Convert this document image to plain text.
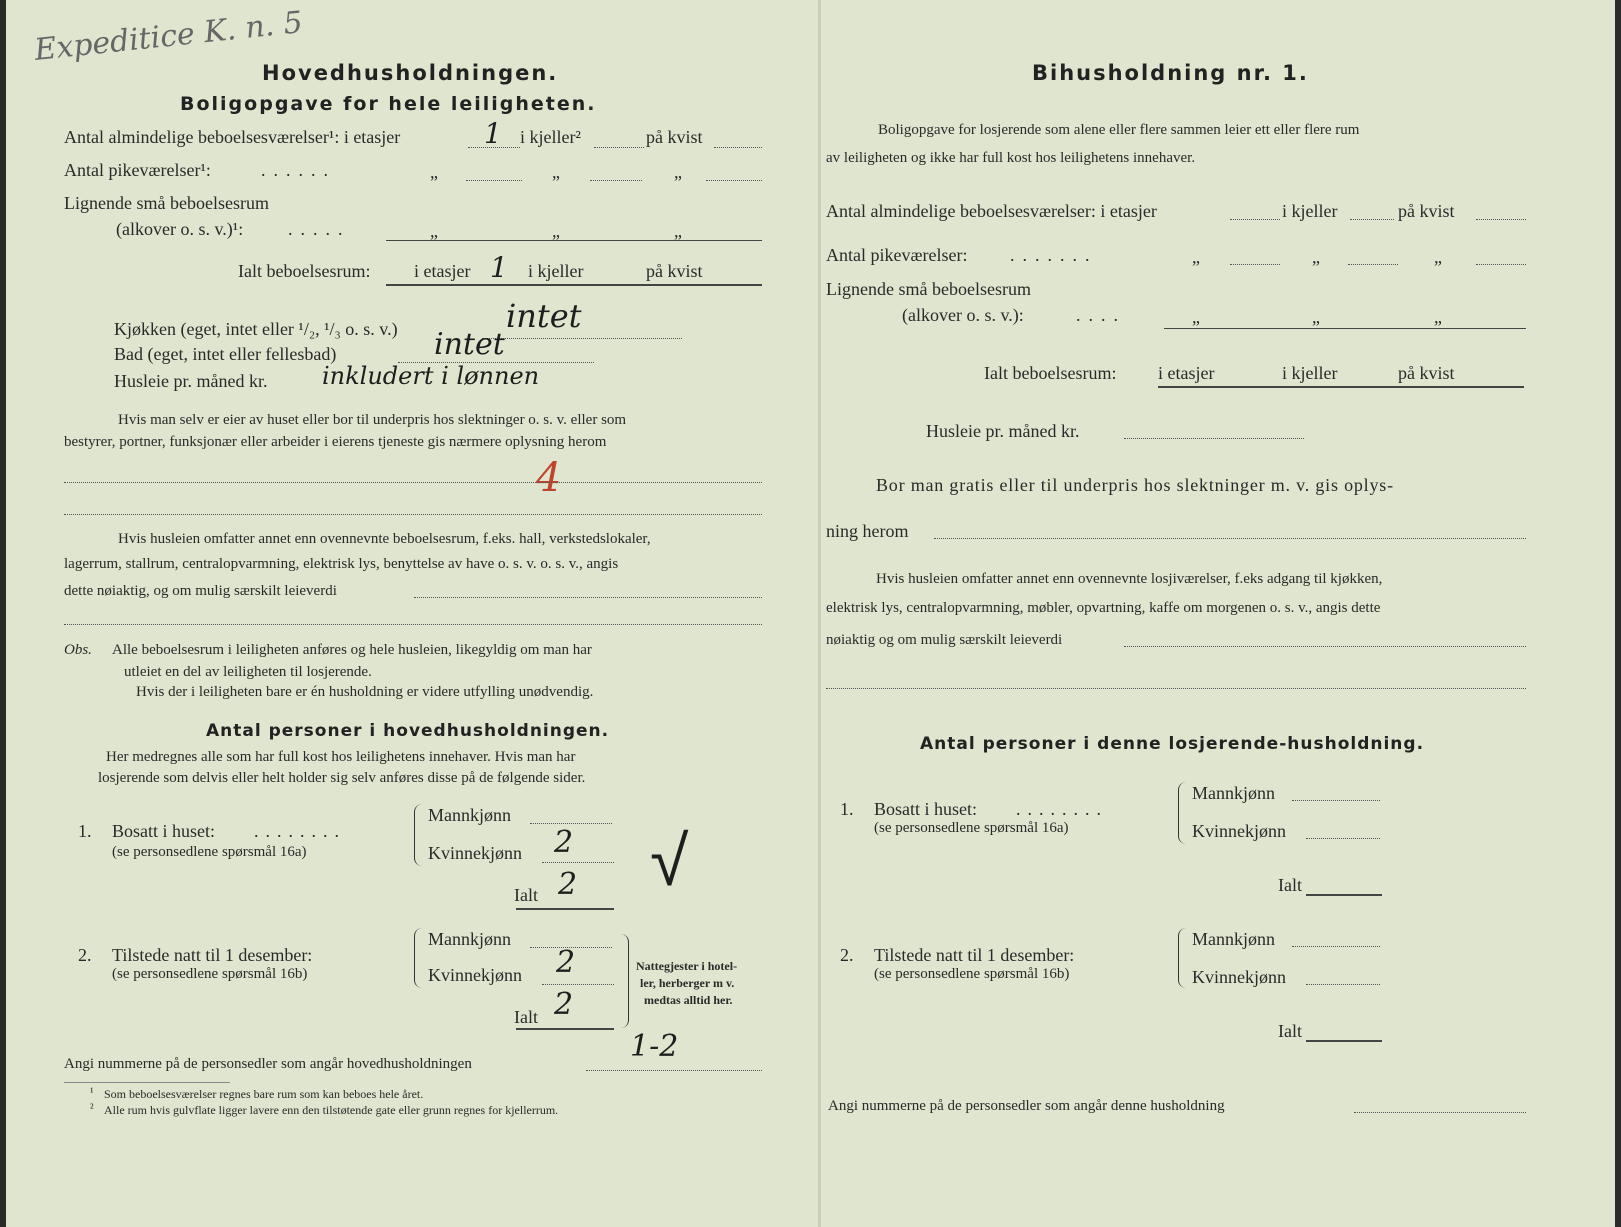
Expeditice K. n. 5
Hovedhusholdningen.
Boligopgave for hele leiligheten.
Antal almindelige beboelsesværelser¹: i etasjer	1 i kjeller²	på kvist
Antal pikeværelser¹:	......	„	„	„
Lignende små beboelsesrum
(alkover o. s. v.)¹: .....	„	„	„
Ialt beboelsesrum: i etasjer 1 i kjeller	på kvist
Kjøkken (eget, intet eller ¹/₂, ¹/₃ o. s. v.)	intet
Bad (eget, intet eller fellesbad)	intet
Husleie pr. måned kr. inkludert i lønnen
Hvis man selv er eier av huset eller bor til underpris hos slektninger o. s. v. eller som
bestyrer, portner, funksjonær eller arbeider i eierens tjeneste gis nærmere oplysning herom
4
Hvis husleien omfatter annet enn ovennevnte beboelsesrum, f.eks. hall, verkstedslokaler,
lagerrum, stallrum, centralopvarmning, elektrisk lys, benyttelse av have o. s. v. o. s. v., angis
dette nøiaktig, og om mulig særskilt leieverdi
Obs. Alle beboelsesrum i leiligheten anføres og hele husleien, likegyldig om man har
utleiet en del av leiligheten til losjerende.
Hvis der i leiligheten bare er én husholdning er videre utfylling unødvendig.
Antal personer i hovedhusholdningen.
Her medregnes alle som har full kost hos leilighetens innehaver. Hvis man har
losjerende som delvis eller helt holder sig selv anføres disse på de følgende sider.
1. Bosatt i huset: ........
(se personsedlene spørsmål 16a)
Mannkjønn
Kvinnekjønn 2
Ialt 2 √
2. Tilstede natt til 1 desember:
(se personsedlene spørsmål 16b)
Mannkjønn
Kvinnekjønn 2
Ialt 2
Nattegjester i hotel-
ler, herberger m v.
medtas alltid her.
Angi nummerne på de personsedler som angår hovedhusholdningen	1-2
¹ Som beboelsesværelser regnes bare rum som kan beboes hele året.
² Alle rum hvis gulvflate ligger lavere enn den tilstøtende gate eller grunn regnes for kjellerrum.
Bihusholdning nr. 1.
Boligopgave for losjerende som alene eller flere sammen leier ett eller flere rum
av leiligheten og ikke har full kost hos leilighetens innehaver.
Antal almindelige beboelsesværelser: i etasjer	i kjeller	på kvist
Antal pikeværelser: .......	„	„	„
Lignende små beboelsesrum
(alkover o. s. v.):	....	„	„	„
Ialt beboelsesrum: i etasjer	i kjeller	på kvist
Husleie pr. måned kr.
Bor man gratis eller til underpris hos slektninger m. v. gis oplys-
ning herom
Hvis husleien omfatter annet enn ovennevnte losjiværelser, f.eks adgang til kjøkken,
elektrisk lys, centralopvarmning, møbler, opvartning, kaffe om morgenen o. s. v., angis dette
nøiaktig og om mulig særskilt leieverdi
Antal personer i denne losjerende-husholdning.
1. Bosatt i huset: ........
(se personsedlene spørsmål 16a)
Mannkjønn
Kvinnekjønn
Ialt
2. Tilstede natt til 1 desember:
(se personsedlene spørsmål 16b)
Mannkjønn
Kvinnekjønn
Ialt
Angi nummerne på de personsedler som angår denne husholdning
